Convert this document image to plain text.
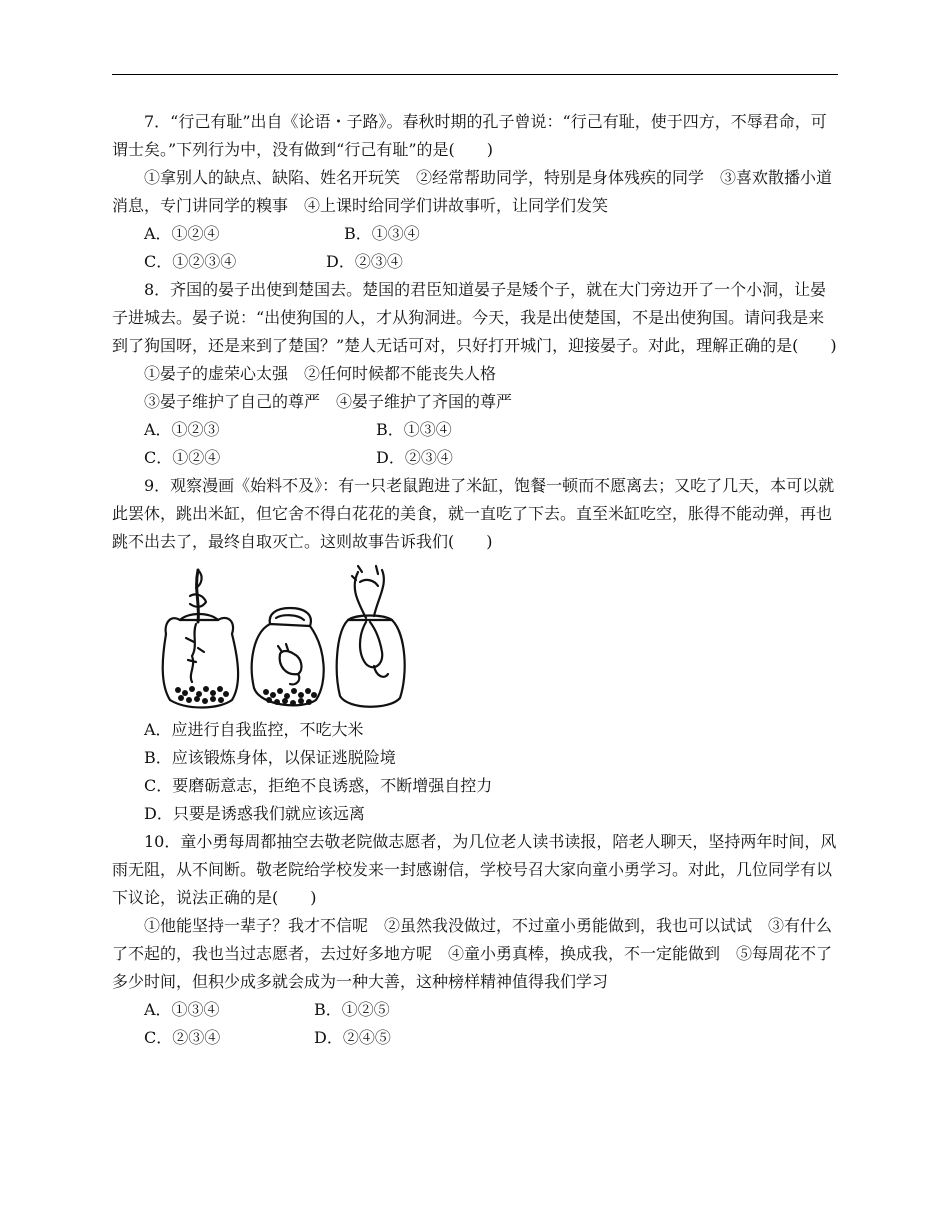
7．“行己有耻”出自《论语・子路》。春秋时期的孔子曾说：“行己有耻，使于四方，不辱君命，可谓士矣。”下列行为中，没有做到“行己有耻”的是(　　)

①拿别人的缺点、缺陷、姓名开玩笑　②经常帮助同学，特别是身体残疾的同学　③喜欢散播小道消息，专门讲同学的糗事　④上课时给同学们讲故事听，让同学们发笑

A．①②④	B．①③④
C．①②③④	D．②③④

8．齐国的晏子出使到楚国去。楚国的君臣知道晏子是矮个子，就在大门旁边开了一个小洞，让晏子进城去。晏子说：“出使狗国的人，才从狗洞进。今天，我是出使楚国，不是出使狗国。请问我是来到了狗国呀，还是来到了楚国？”楚人无话可对，只好打开城门，迎接晏子。对此，理解正确的是(　　)

①晏子的虚荣心太强　②任何时候都不能丧失人格

③晏子维护了自己的尊严　④晏子维护了齐国的尊严

A．①②③	B．①③④
C．①②④	D．②③④

9．观察漫画《始料不及》：有一只老鼠跑进了米缸，饱餐一顿而不愿离去；又吃了几天，本可以就此罢休，跳出米缸，但它舍不得白花花的美食，就一直吃了下去。直至米缸吃空，胀得不能动弹，再也跳不出去了，最终自取灭亡。这则故事告诉我们(　　)

A．应进行自我监控，不吃大米

B．应该锻炼身体，以保证逃脱险境

C．要磨砺意志，拒绝不良诱惑，不断增强自控力

D．只要是诱惑我们就应该远离

10．童小勇每周都抽空去敬老院做志愿者，为几位老人读书读报，陪老人聊天，坚持两年时间，风雨无阻，从不间断。敬老院给学校发来一封感谢信，学校号召大家向童小勇学习。对此，几位同学有以下议论，说法正确的是(　　)

①他能坚持一辈子？我才不信呢　②虽然我没做过，不过童小勇能做到，我也可以试试　③有什么了不起的，我也当过志愿者，去过好多地方呢　④童小勇真棒，换成我，不一定能做到　⑤每周花不了多少时间，但积少成多就会成为一种大善，这种榜样精神值得我们学习

A．①③④	B．①②⑤
C．②③④	D．②④⑤
